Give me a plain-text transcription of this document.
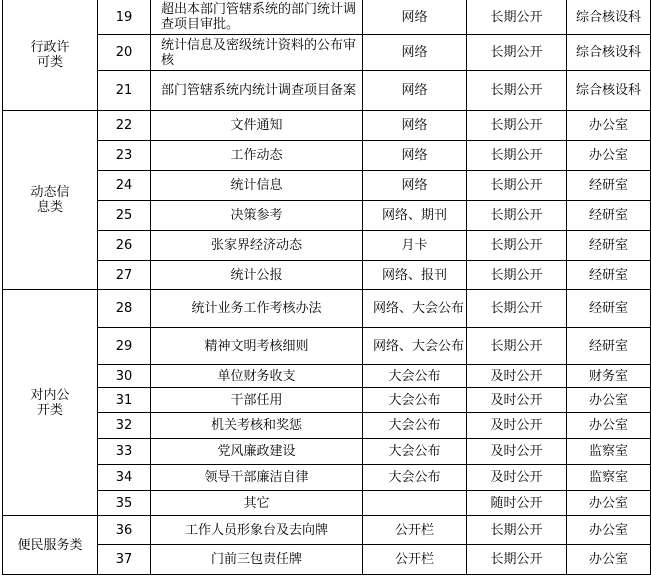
行政许
可类	19	超出本部门管辖系统的部门统计调查项目审批。	网络	长期公开	综合核设科
	20	统计信息及密级统计资料的公布审核	网络	长期公开	综合核设科
	21	部门管辖系统内统计调查项目备案	网络	长期公开	综合核设科
动态信
息类	22	文件通知	网络	长期公开	办公室
	23	工作动态	网络	长期公开	办公室
	24	统计信息	网络	长期公开	经研室
	25	决策参考	网络、期刊	长期公开	经研室
	26	张家界经济动态	月卡	长期公开	经研室
	27	统计公报	网络、报刊	长期公开	经研室
对内公
开类	28	统计业务工作考核办法	网络、大会公布	长期公开	经研室
	29	精神文明考核细则	网络、大会公布	长期公开	经研室
	30	单位财务收支	大会公布	及时公开	财务室
	31	干部任用	大会公布	及时公开	办公室
	32	机关考核和奖惩	大会公布	及时公开	办公室
	33	党风廉政建设	大会公布	及时公开	监察室
	34	领导干部廉洁自律	大会公布	及时公开	监察室
	35	其它		随时公开	办公室
便民服务类	36	工作人员形象台及去向牌	公开栏	长期公开	办公室
	37	门前三包责任牌	公开栏	长期公开	办公室
